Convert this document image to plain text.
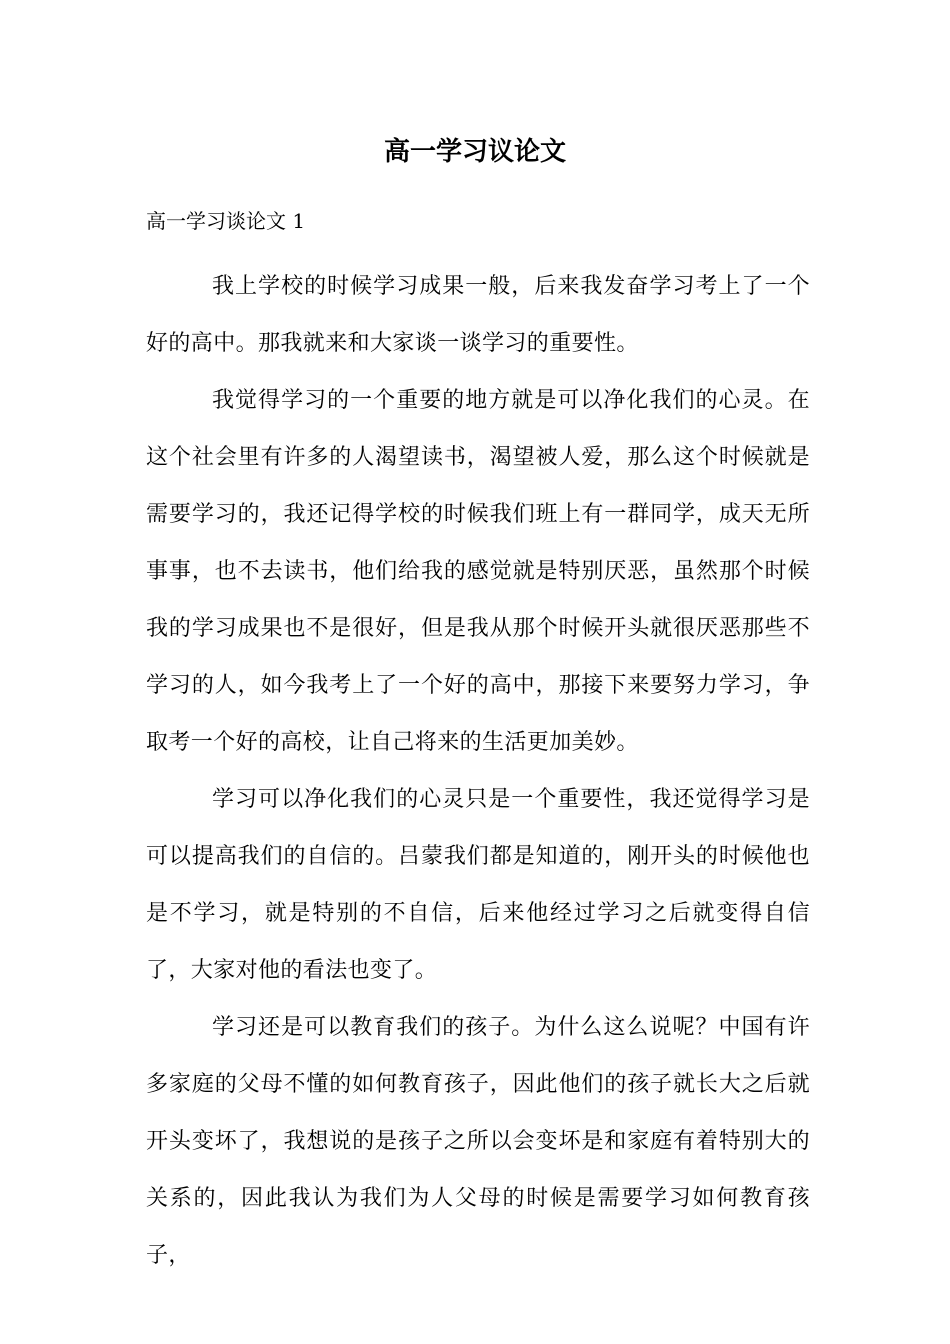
高一学习议论文
高一学习谈论文 1

我上学校的时候学习成果一般，后来我发奋学习考上了一个好的高中。那我就来和大家谈一谈学习的重要性。

我觉得学习的一个重要的地方就是可以净化我们的心灵。在这个社会里有许多的人渴望读书，渴望被人爱，那么这个时候就是需要学习的，我还记得学校的时候我们班上有一群同学，成天无所事事，也不去读书，他们给我的感觉就是特别厌恶，虽然那个时候我的学习成果也不是很好，但是我从那个时候开头就很厌恶那些不学习的人，如今我考上了一个好的高中，那接下来要努力学习，争取考一个好的高校，让自己将来的生活更加美妙。

学习可以净化我们的心灵只是一个重要性，我还觉得学习是可以提高我们的自信的。吕蒙我们都是知道的，刚开头的时候他也是不学习，就是特别的不自信，后来他经过学习之后就变得自信了，大家对他的看法也变了。

学习还是可以教育我们的孩子。为什么这么说呢？中国有许多家庭的父母不懂的如何教育孩子，因此他们的孩子就长大之后就开头变坏了，我想说的是孩子之所以会变坏是和家庭有着特别大的关系的，因此我认为我们为人父母的时候是需要学习如何教育孩子，
